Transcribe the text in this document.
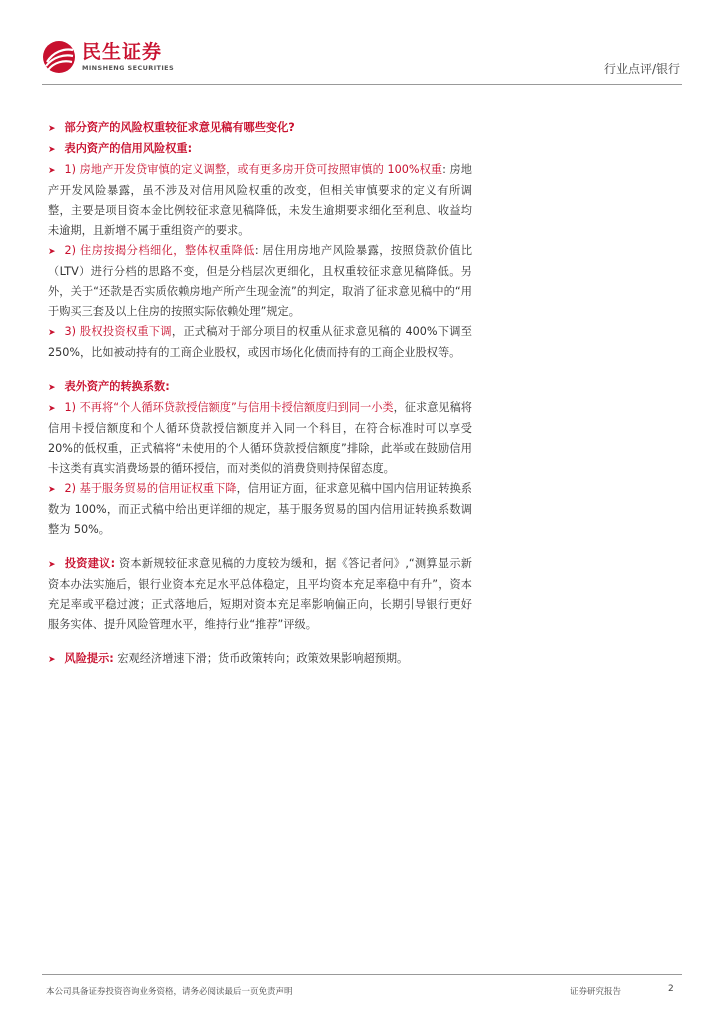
民生证券
MINSHENG SECURITIES	行业点评/银行

➤ 部分资产的风险权重较征求意见稿有哪些变化?

➤ 表内资产的信用风险权重:

➤ 1) 房地产开发贷审慎的定义调整，或有更多房开贷可按照审慎的 100%权重: 房地产开发风险暴露，虽不涉及对信用风险权重的改变，但相关审慎要求的定义有所调整，主要是项目资本金比例较征求意见稿降低，未发生逾期要求细化至利息、收益均未逾期，且新增不属于重组资产的要求。

➤ 2) 住房按揭分档细化，整体权重降低: 居住用房地产风险暴露，按照贷款价值比（LTV）进行分档的思路不变，但是分档层次更细化，且权重较征求意见稿降低。另外，关于“还款是否实质依赖房地产所产生现金流”的判定，取消了征求意见稿中的“用于购买三套及以上住房的按照实际依赖处理”规定。

➤ 3) 股权投资权重下调，正式稿对于部分项目的权重从征求意见稿的 400%下调至 250%，比如被动持有的工商企业股权，或因市场化化债而持有的工商企业股权等。

➤ 表外资产的转换系数:

➤ 1) 不再将“个人循环贷款授信额度”与信用卡授信额度归到同一小类，征求意见稿将信用卡授信额度和个人循环贷款授信额度并入同一个科目，在符合标准时可以享受 20%的低权重，正式稿将“未使用的个人循环贷款授信额度”排除，此举或在鼓励信用卡这类有真实消费场景的循环授信，而对类似的消费贷则持保留态度。

➤ 2) 基于服务贸易的信用证权重下降，信用证方面，征求意见稿中国内信用证转换系数为 100%，而正式稿中给出更详细的规定，基于服务贸易的国内信用证转换系数调整为 50%。

➤ 投资建议: 资本新规较征求意见稿的力度较为缓和，据《答记者问》,“测算显示新资本办法实施后，银行业资本充足水平总体稳定，且平均资本充足率稳中有升”，资本充足率或平稳过渡；正式落地后，短期对资本充足率影响偏正向，长期引导银行更好服务实体、提升风险管理水平，维持行业“推荐”评级。

➤ 风险提示: 宏观经济增速下滑；货币政策转向；政策效果影响超预期。

本公司具备证券投资咨询业务资格，请务必阅读最后一页免责声明	证券研究报告	2
